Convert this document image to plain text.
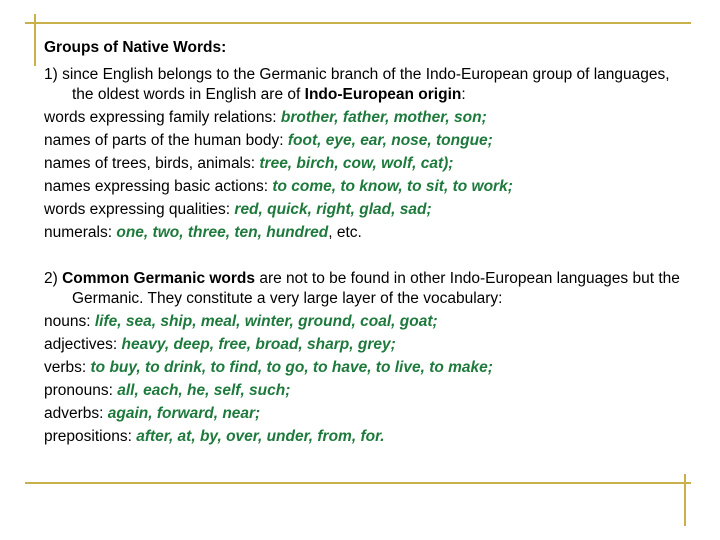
Groups of Native Words:

1) since English belongs to the Germanic branch of the Indo-European group of languages, the oldest words in English are of Indo-European origin:

words expressing family relations: brother, father, mother, son;

names of parts of the human body: foot, eye, ear, nose, tongue;

names of trees, birds, animals: tree, birch, cow, wolf, cat);

names expressing basic actions: to come, to know, to sit, to work;

words expressing qualities: red, quick, right, glad, sad;

numerals: one, two, three, ten, hundred, etc.

2) Common Germanic words are not to be found in other Indo-European languages but the Germanic. They constitute a very large layer of the vocabulary:

nouns: life, sea, ship, meal, winter, ground, coal, goat;

adjectives: heavy, deep, free, broad, sharp, grey;

verbs: to buy, to drink, to find, to go, to have, to live, to make;

pronouns: all, each, he, self, such;

adverbs: again, forward, near;

prepositions: after, at, by, over, under, from, for.
